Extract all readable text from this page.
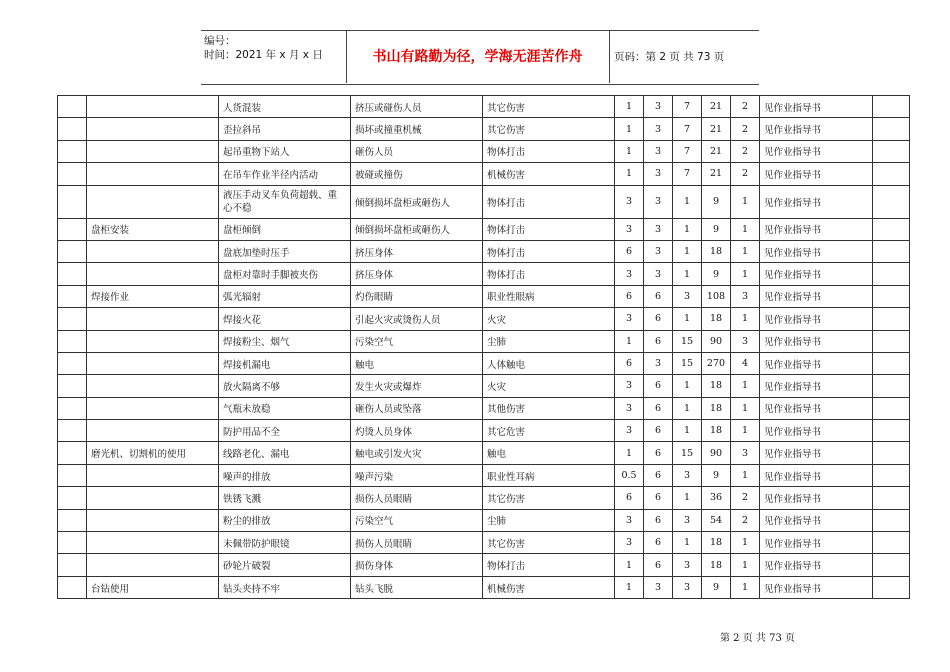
编号：
时间：2021 年 x 月 x 日	书山有路勤为径，学海无涯苦作舟	页码：第 2 页 共 73 页
		人货混装	挤压或碰伤人员	其它伤害	1	3	7	21	2	见作业指导书	
		歪拉斜吊	损坏或撞重机械	其它伤害	1	3	7	21	2	见作业指导书	
		起吊重物下站人	砸伤人员	物体打击	1	3	7	21	2	见作业指导书	
		在吊车作业半径内活动	被碰或撞伤	机械伤害	1	3	7	21	2	见作业指导书	
		液压手动叉车负荷超载、重心不稳	倾倒损坏盘柜或砸伤人	物体打击	3	3	1	9	1	见作业指导书	
	盘柜安装	盘柜倾倒	倾倒损坏盘柜或砸伤人	物体打击	3	3	1	9	1	见作业指导书	
		盘底加垫时压手	挤压身体	物体打击	6	3	1	18	1	见作业指导书	
		盘柜对靠时手脚被夹伤	挤压身体	物体打击	3	3	1	9	1	见作业指导书	
	焊接作业	弧光辐射	灼伤眼睛	职业性眼病	6	6	3	108	3	见作业指导书	
		焊接火花	引起火灾或烫伤人员	火灾	3	6	1	18	1	见作业指导书	
		焊接粉尘、烟气	污染空气	尘肺	1	6	15	90	3	见作业指导书	
		焊接机漏电	触电	人体触电	6	3	15	270	4	见作业指导书	
		放火隔离不够	发生火灾或爆炸	火灾	3	6	1	18	1	见作业指导书	
		气瓶未放稳	砸伤人员或坠落	其他伤害	3	6	1	18	1	见作业指导书	
		防护用品不全	灼烫人员身体	其它危害	3	6	1	18	1	见作业指导书	
	磨光机、切割机的使用	线路老化、漏电	触电或引发火灾	触电	1	6	15	90	3	见作业指导书	
		噪声的排放	噪声污染	职业性耳病	0.5	6	3	9	1	见作业指导书	
		铁锈飞溅	损伤人员眼睛	其它伤害	6	6	1	36	2	见作业指导书	
		粉尘的排放	污染空气	尘肺	3	6	3	54	2	见作业指导书	
		未佩带防护眼镜	损伤人员眼睛	其它伤害	3	6	1	18	1	见作业指导书	
		砂轮片破裂	损伤身体	物体打击	1	6	3	18	1	见作业指导书	
	台钻使用	钻头夹持不牢	钻头飞脱	机械伤害	1	3	3	9	1	见作业指导书	
第 2 页 共 73 页
